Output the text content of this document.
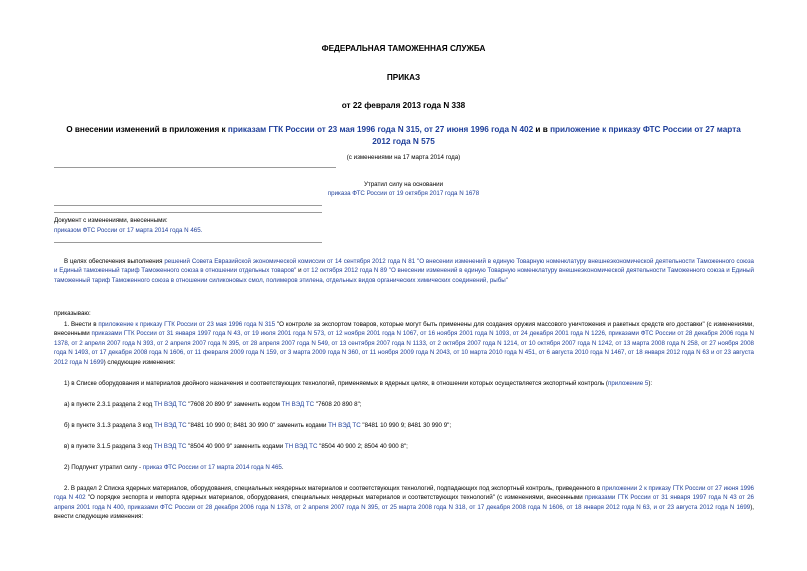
ФЕДЕРАЛЬНАЯ ТАМОЖЕННАЯ СЛУЖБА
ПРИКАЗ
от 22 февраля 2013 года N 338
О внесении изменений в приложения к приказам ГТК России от 23 мая 1996 года N 315, от 27 июня 1996 года N 402 и в приложение к приказу ФТС России от 27 марта 2012 года N 575
(с изменениями на 17 марта 2014 года)
Утратил силу на основании
приказа ФТС России от 19 октября 2017 года N 1678
Документ с изменениями, внесенными:
приказом ФТС России от 17 марта 2014 года N 465.
В целях обеспечения выполнения решений Совета Евразийской экономической комиссии от 14 сентября 2012 года N 81 "О внесении изменений в единую Товарную номенклатуру внешнеэкономической деятельности Таможенного союза и Единый таможенный тариф Таможенного союза в отношении отдельных товаров" и от 12 октября 2012 года N 89 "О внесении изменений в единую Товарную номенклатуру внешнеэкономической деятельности Таможенного союза и Единый таможенный тариф Таможенного союза в отношении силиконовых смол, полимеров этилена, отдельных видов органических химических соединений, рыбы"
приказываю:
1. Внести в приложение к приказу ГТК России от 23 мая 1996 года N 315 "О контроле за экспортом товаров, которые могут быть применены для создания оружия массового уничтожения и ракетных средств его доставки" (с изменениями, внесенными приказами ГТК России от 31 января 1997 года N 43, от 19 июля 2001 года N 573, от 12 ноября 2001 года N 1067, от 16 ноября 2001 года N 1093, от 24 декабря 2001 года N 1226, приказами ФТС России от 28 декабря 2006 года N 1378, от 2 апреля 2007 года N 393, от 2 апреля 2007 года N 395, от 28 апреля 2007 года N 549, от 13 сентября 2007 года N 1133, от 2 октября 2007 года N 1214, от 10 октября 2007 года N 1242, от 13 марта 2008 года N 258, от 27 ноября 2008 года N 1493, от 17 декабря 2008 года N 1606, от 11 февраля 2009 года N 159, от 3 марта 2009 года N 360, от 11 ноября 2009 года N 2043, от 10 марта 2010 года N 451, от 6 августа 2010 года N 1467, от 18 января 2012 года N 63 и от 23 августа 2012 года N 1699) следующие изменения:
1) в Списке оборудования и материалов двойного назначения и соответствующих технологий, применяемых в ядерных целях, в отношении которых осуществляется экспортный контроль (приложение 5):
а) в пункте 2.3.1 раздела 2 код ТН ВЭД ТС "7608 20 890 9" заменить кодом ТН ВЭД ТС "7608 20 890 8";
б) в пункте 3.1.3 раздела 3 код ТН ВЭД ТС "8481 10 990 0; 8481 30 990 0" заменить кодами ТН ВЭД ТС "8481 10 990 9; 8481 30 990 9";
в) в пункте 3.1.5 раздела 3 код ТН ВЭД ТС "8504 40 900 9" заменить кодами ТН ВЭД ТС "8504 40 900 2; 8504 40 900 8";
2) Подпункт утратил силу - приказ ФТС России от 17 марта 2014 года N 465.
2. В раздел 2 Списка ядерных материалов, оборудования, специальных неядерных материалов и соответствующих технологий, подпадающих под экспортный контроль, приведенного в приложении 2 к приказу ГТК России от 27 июня 1996 года N 402 "О порядке экспорта и импорта ядерных материалов, оборудования, специальных неядерных материалов и соответствующих технологий" (с изменениями, внесенными приказами ГТК России от 31 января 1997 года N 43 от 26 апреля 2001 года N 400, приказами ФТС России от 28 декабря 2006 года N 1378, от 2 апреля 2007 года N 395, от 25 марта 2008 года N 318, от 17 декабря 2008 года N 1606, от 18 января 2012 года N 63, и от 23 августа 2012 года N 1699), внести следующие изменения:
